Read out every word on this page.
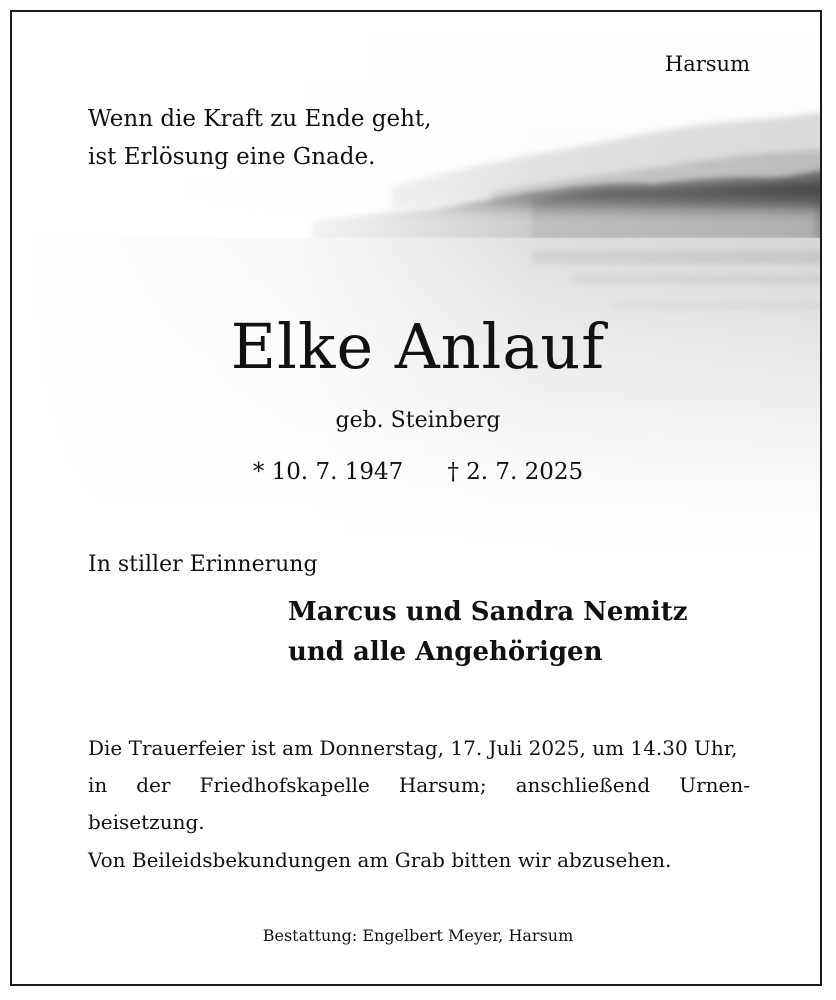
Harsum
Wenn die Kraft zu Ende geht,
ist Erlösung eine Gnade.
Elke Anlauf
geb. Steinberg
* 10. 7. 1947 † 2. 7. 2025
In stiller Erinnerung
Marcus und Sandra Nemitz
und alle Angehörigen
Die Trauerfeier ist am Donnerstag, 17. Juli 2025, um 14.30 Uhr,
in der Friedhofskapelle Harsum; anschließend Urnen-
beisetzung.
Von Beileidsbekundungen am Grab bitten wir abzusehen.
Bestattung: Engelbert Meyer, Harsum
